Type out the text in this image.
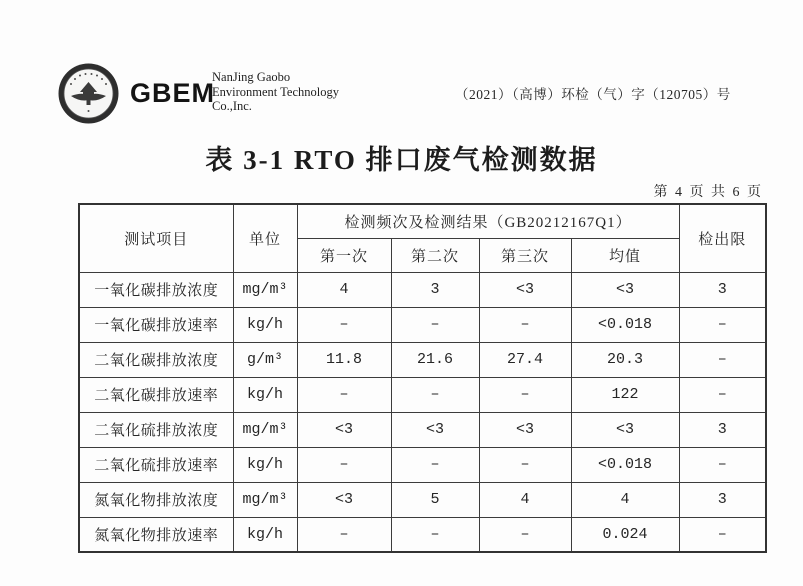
GBEM
NanJing Gaobo
Environment Technology
Co.,Inc.
（2021）（高博）环检（气）字（120705）号
表 3-1 RTO 排口废气检测数据
第 4 页 共 6 页
测试项目	单位	检测频次及检测结果（GB20212167Q1）				检出限
		第一次	第二次	第三次	均值	
一氧化碳排放浓度	mg/m³	4	3	<3	<3	3
一氧化碳排放速率	kg/h	–	–	–	<0.018	–
二氧化碳排放浓度	g/m³	11.8	21.6	27.4	20.3	–
二氧化碳排放速率	kg/h	–	–	–	122	–
二氧化硫排放浓度	mg/m³	<3	<3	<3	<3	3
二氧化硫排放速率	kg/h	–	–	–	<0.018	–
氮氧化物排放浓度	mg/m³	<3	5	4	4	3
氮氧化物排放速率	kg/h	–	–	–	0.024	–
